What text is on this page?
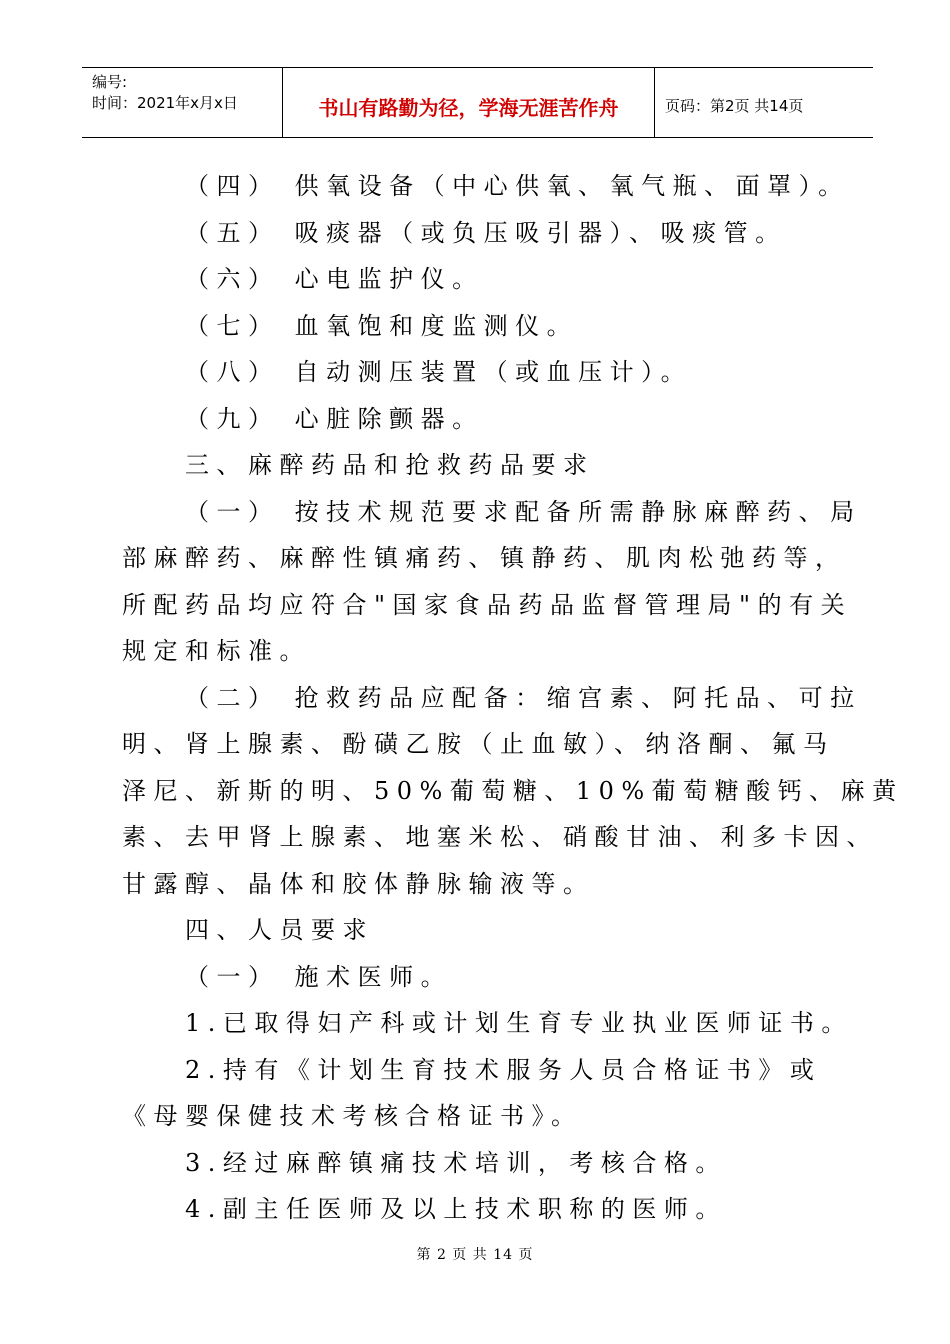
编号:
时间：2021年x月x日	书山有路勤为径，学海无涯苦作舟	页码：第2页 共14页
（四） 供氧设备（中心供氧、氧气瓶、面罩）。
（五） 吸痰器（或负压吸引器）、吸痰管。
（六） 心电监护仪。
（七） 血氧饱和度监测仪。
（八） 自动测压装置（或血压计）。
（九） 心脏除颤器。
三、麻醉药品和抢救药品要求
（一） 按技术规范要求配备所需静脉麻醉药、局
部麻醉药、麻醉性镇痛药、镇静药、肌肉松弛药等，
所配药品均应符合"国家食品药品监督管理局"的有关
规定和标准。
（二） 抢救药品应配备：缩宫素、阿托品、可拉
明、肾上腺素、酚磺乙胺（止血敏）、纳洛酮、氟马
泽尼、新斯的明、50%葡萄糖、10%葡萄糖酸钙、麻黄
素、去甲肾上腺素、地塞米松、硝酸甘油、利多卡因、
甘露醇、晶体和胶体静脉输液等。
四、人员要求
（一） 施术医师。
1.已取得妇产科或计划生育专业执业医师证书。
2.持有《计划生育技术服务人员合格证书》或
《母婴保健技术考核合格证书》。
3.经过麻醉镇痛技术培训，考核合格。
4.副主任医师及以上技术职称的医师。
第 2 页 共 14 页
